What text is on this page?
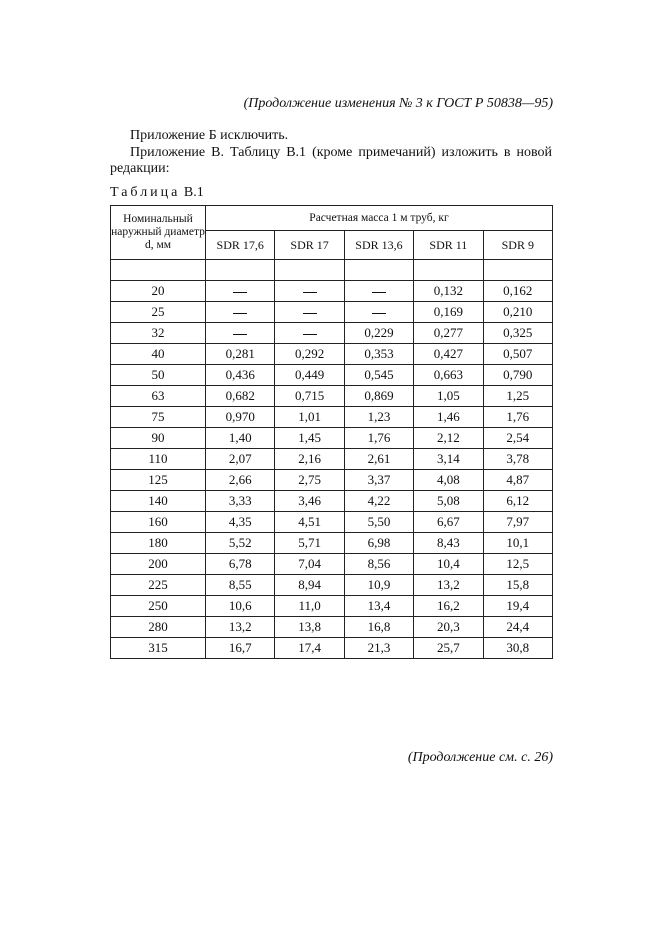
(Продолжение изменения № 3 к ГОСТ Р 50838—95)
Приложение Б исключить.
Приложение В. Таблицу В.1 (кроме примечаний) изложить в новой редакции:
Таблица В.1
Номинальный наружный диаметр d, мм	Расчетная масса 1 м труб, кг				
	SDR 17,6	SDR 17	SDR 13,6	SDR 11	SDR 9

20				0,132	0,162
25				0,169	0,210
32			0,229	0,277	0,325
40	0,281	0,292	0,353	0,427	0,507
50	0,436	0,449	0,545	0,663	0,790
63	0,682	0,715	0,869	1,05	1,25
75	0,970	1,01	1,23	1,46	1,76
90	1,40	1,45	1,76	2,12	2,54
110	2,07	2,16	2,61	3,14	3,78
125	2,66	2,75	3,37	4,08	4,87
140	3,33	3,46	4,22	5,08	6,12
160	4,35	4,51	5,50	6,67	7,97
180	5,52	5,71	6,98	8,43	10,1
200	6,78	7,04	8,56	10,4	12,5
225	8,55	8,94	10,9	13,2	15,8
250	10,6	11,0	13,4	16,2	19,4
280	13,2	13,8	16,8	20,3	24,4
315	16,7	17,4	21,3	25,7	30,8
(Продолжение см. с. 26)
